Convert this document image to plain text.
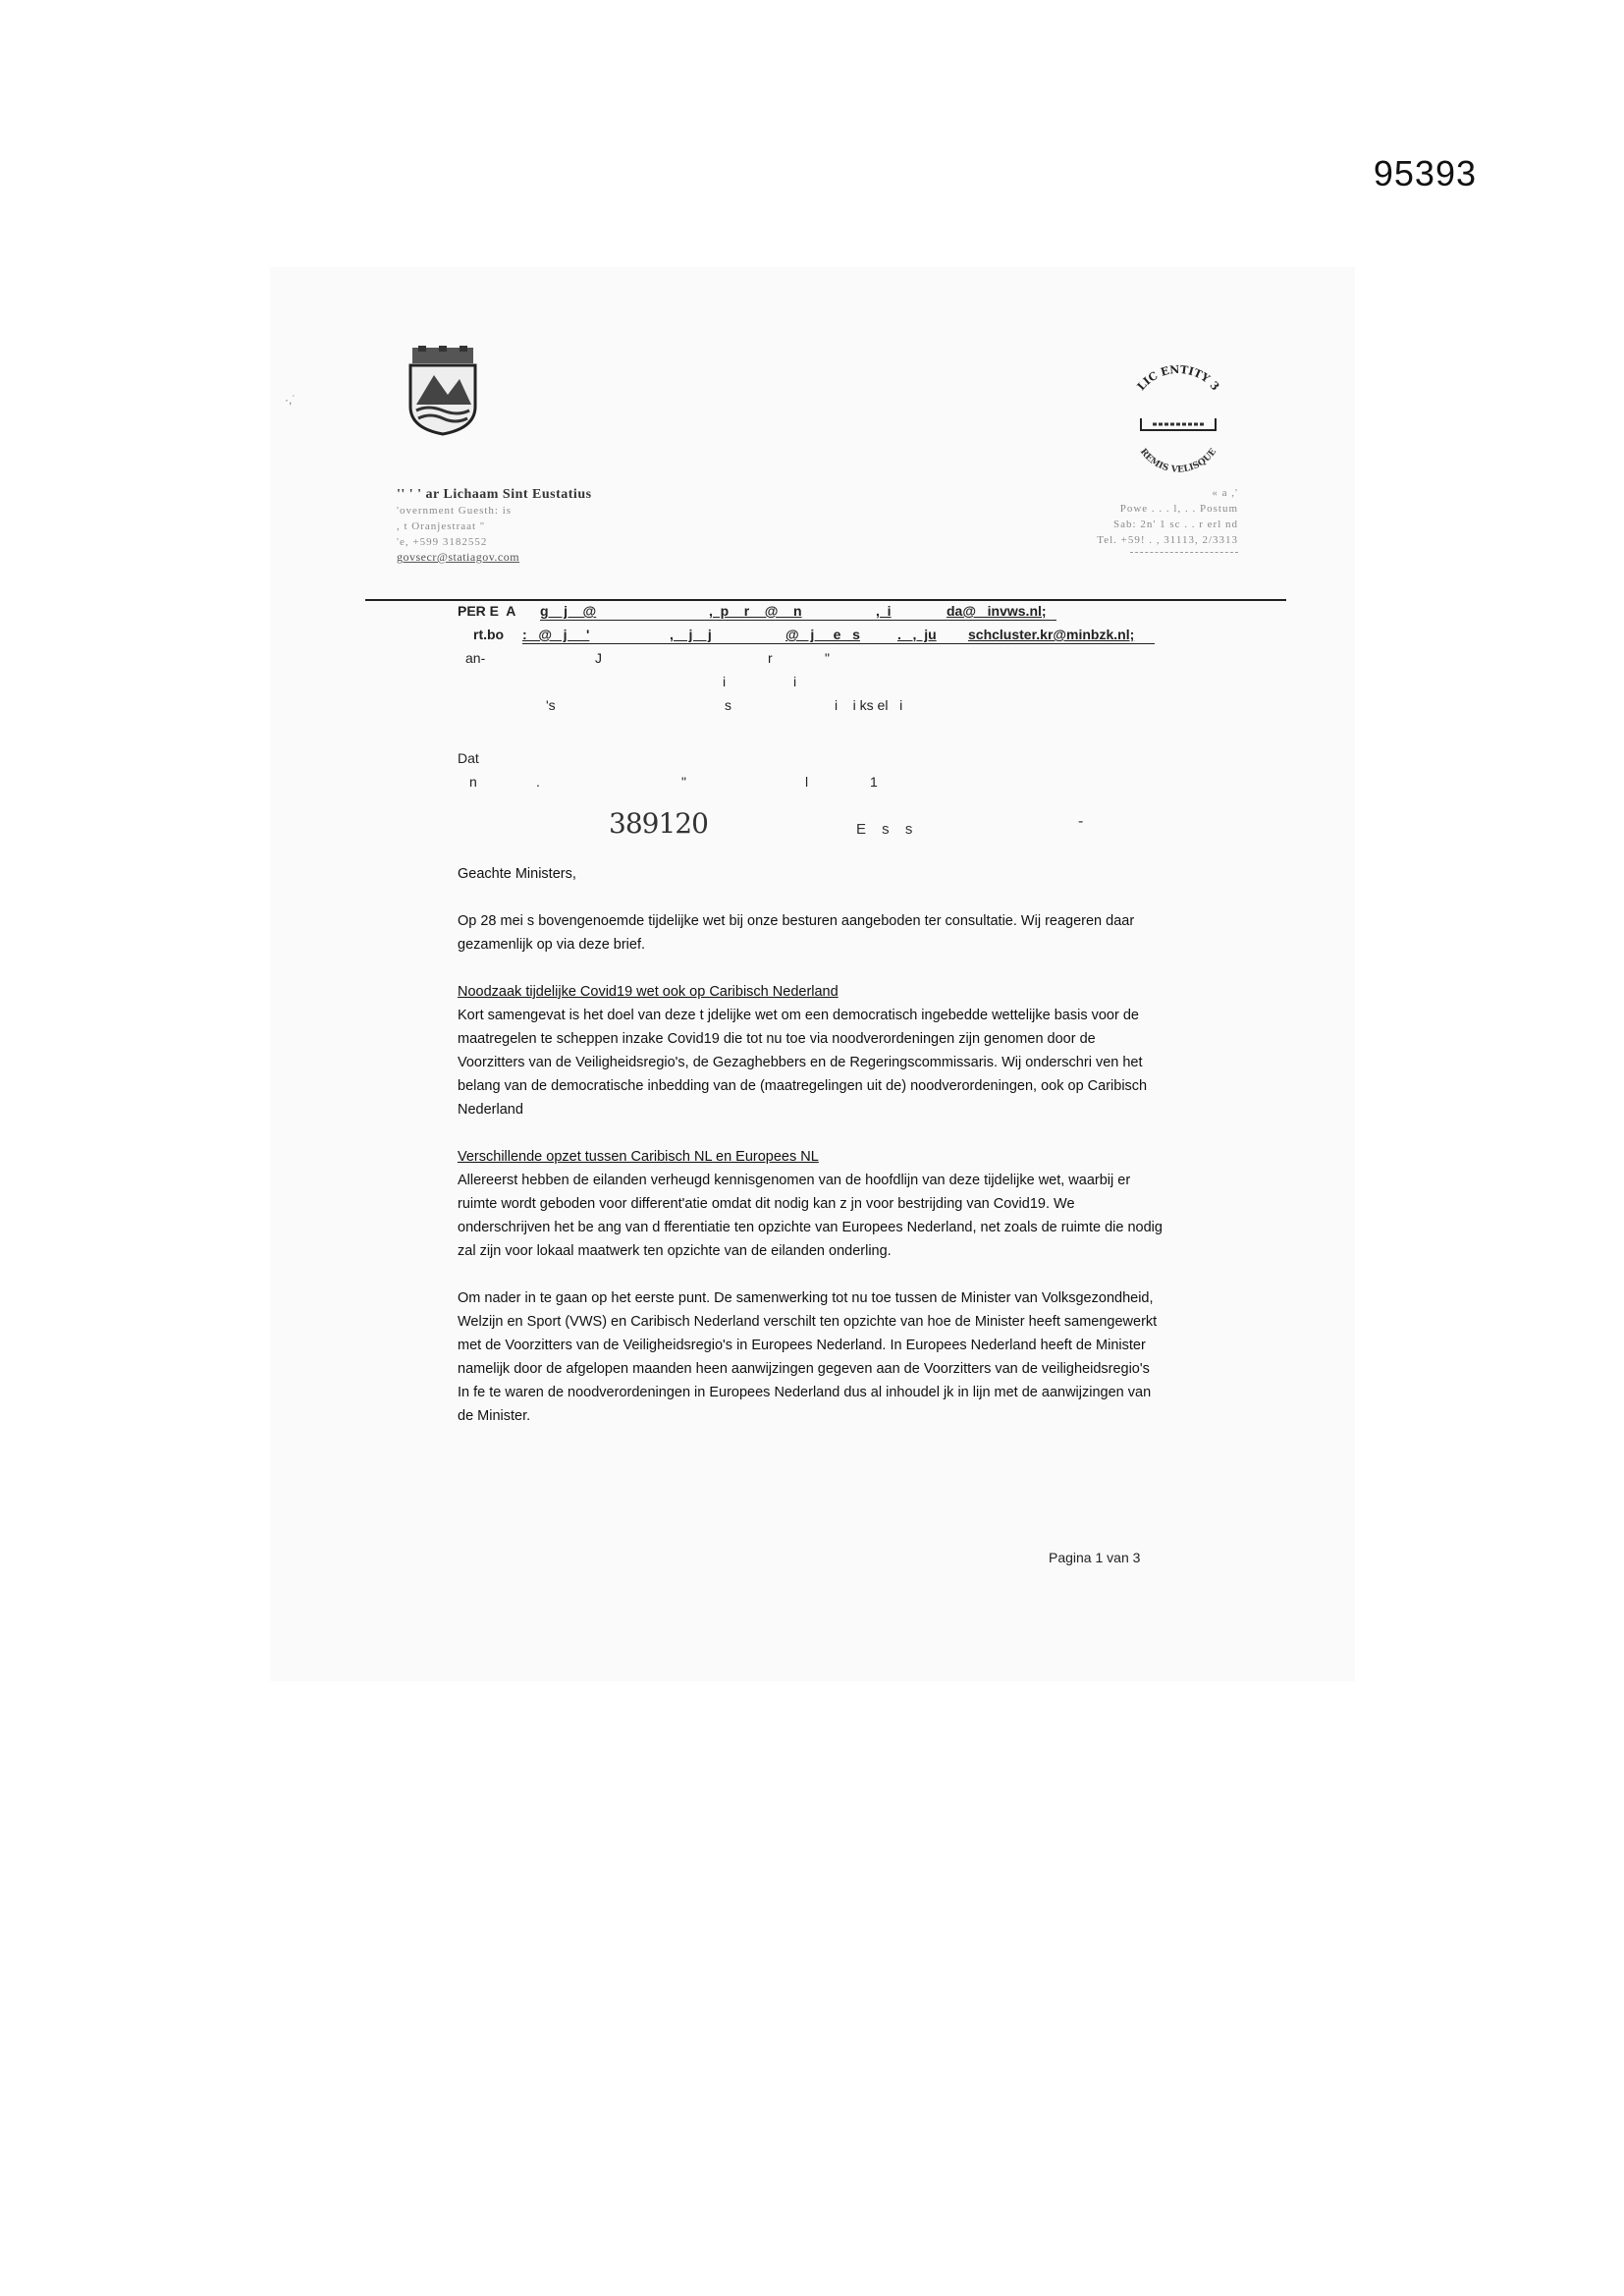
95393
·,˙
LIC ENTITY 3
REMIS VELISQUE
'' ' ' ar Lichaam Sint Eustatius
'overnment Guesth: is
, t Oranjestraat "
'e, +599 3182552
govsecr@statiagov.com
« a ,'
Powe . . . l, . . Postum
Sab: 2n' 1 sc . . r erl nd
Tel. +59! . , 31113, 2/3313
PER E  A g    j    @	,  p    r    @    n	,  i	da@   invws.nl;
rt.bo :   @   j     '	,    j    j	@   j     e   s	.   ,  ju schcluster.kr@minbzk.nl;
an-	J	r	"
i	i
's	s	i    i ks el   i
Dat
n	.	"	l	1
389120	E s s	-

Geachte Ministers,

Op 28 mei s bovengenoemde tijdelijke wet bij onze besturen aangeboden ter consultatie. Wij reageren daar gezamenlijk op via deze brief.

Noodzaak tijdelijke Covid19 wet ook op Caribisch Nederland

Kort samengevat is het doel van deze t jdelijke wet om een democratisch ingebedde wettelijke basis voor de maatregelen te scheppen inzake Covid19 die tot nu toe via noodverordeningen zijn genomen door de Voorzitters van de Veiligheidsregio's, de Gezaghebbers en de Regeringscommissaris. Wij onderschri ven het belang van de democratische inbedding van de (maatregelingen uit de) noodverordeningen, ook op Caribisch Nederland

Verschillende opzet tussen Caribisch NL en Europees NL

Allereerst hebben de eilanden verheugd kennisgenomen van de hoofdlijn van deze tijdelijke wet, waarbij er ruimte wordt geboden voor different'atie omdat dit nodig kan z jn voor bestrijding van Covid19. We onderschrijven het be ang van d fferentiatie ten opzichte van Europees Nederland, net zoals de ruimte die nodig zal zijn voor lokaal maatwerk ten opzichte van de eilanden onderling.

Om nader in te gaan op het eerste punt. De samenwerking tot nu toe tussen de Minister van Volksgezondheid, Welzijn en Sport (VWS) en Caribisch Nederland verschilt ten opzichte van hoe de Minister heeft samengewerkt met de Voorzitters van de Veiligheidsregio's in Europees Nederland. In Europees Nederland heeft de Minister namelijk door de afgelopen maanden heen aanwijzingen gegeven aan de Voorzitters van de veiligheidsregio's In fe te waren de noodverordeningen in Europees Nederland dus al inhoudel jk in lijn met de aanwijzingen van de Minister.

Pagina 1 van 3
